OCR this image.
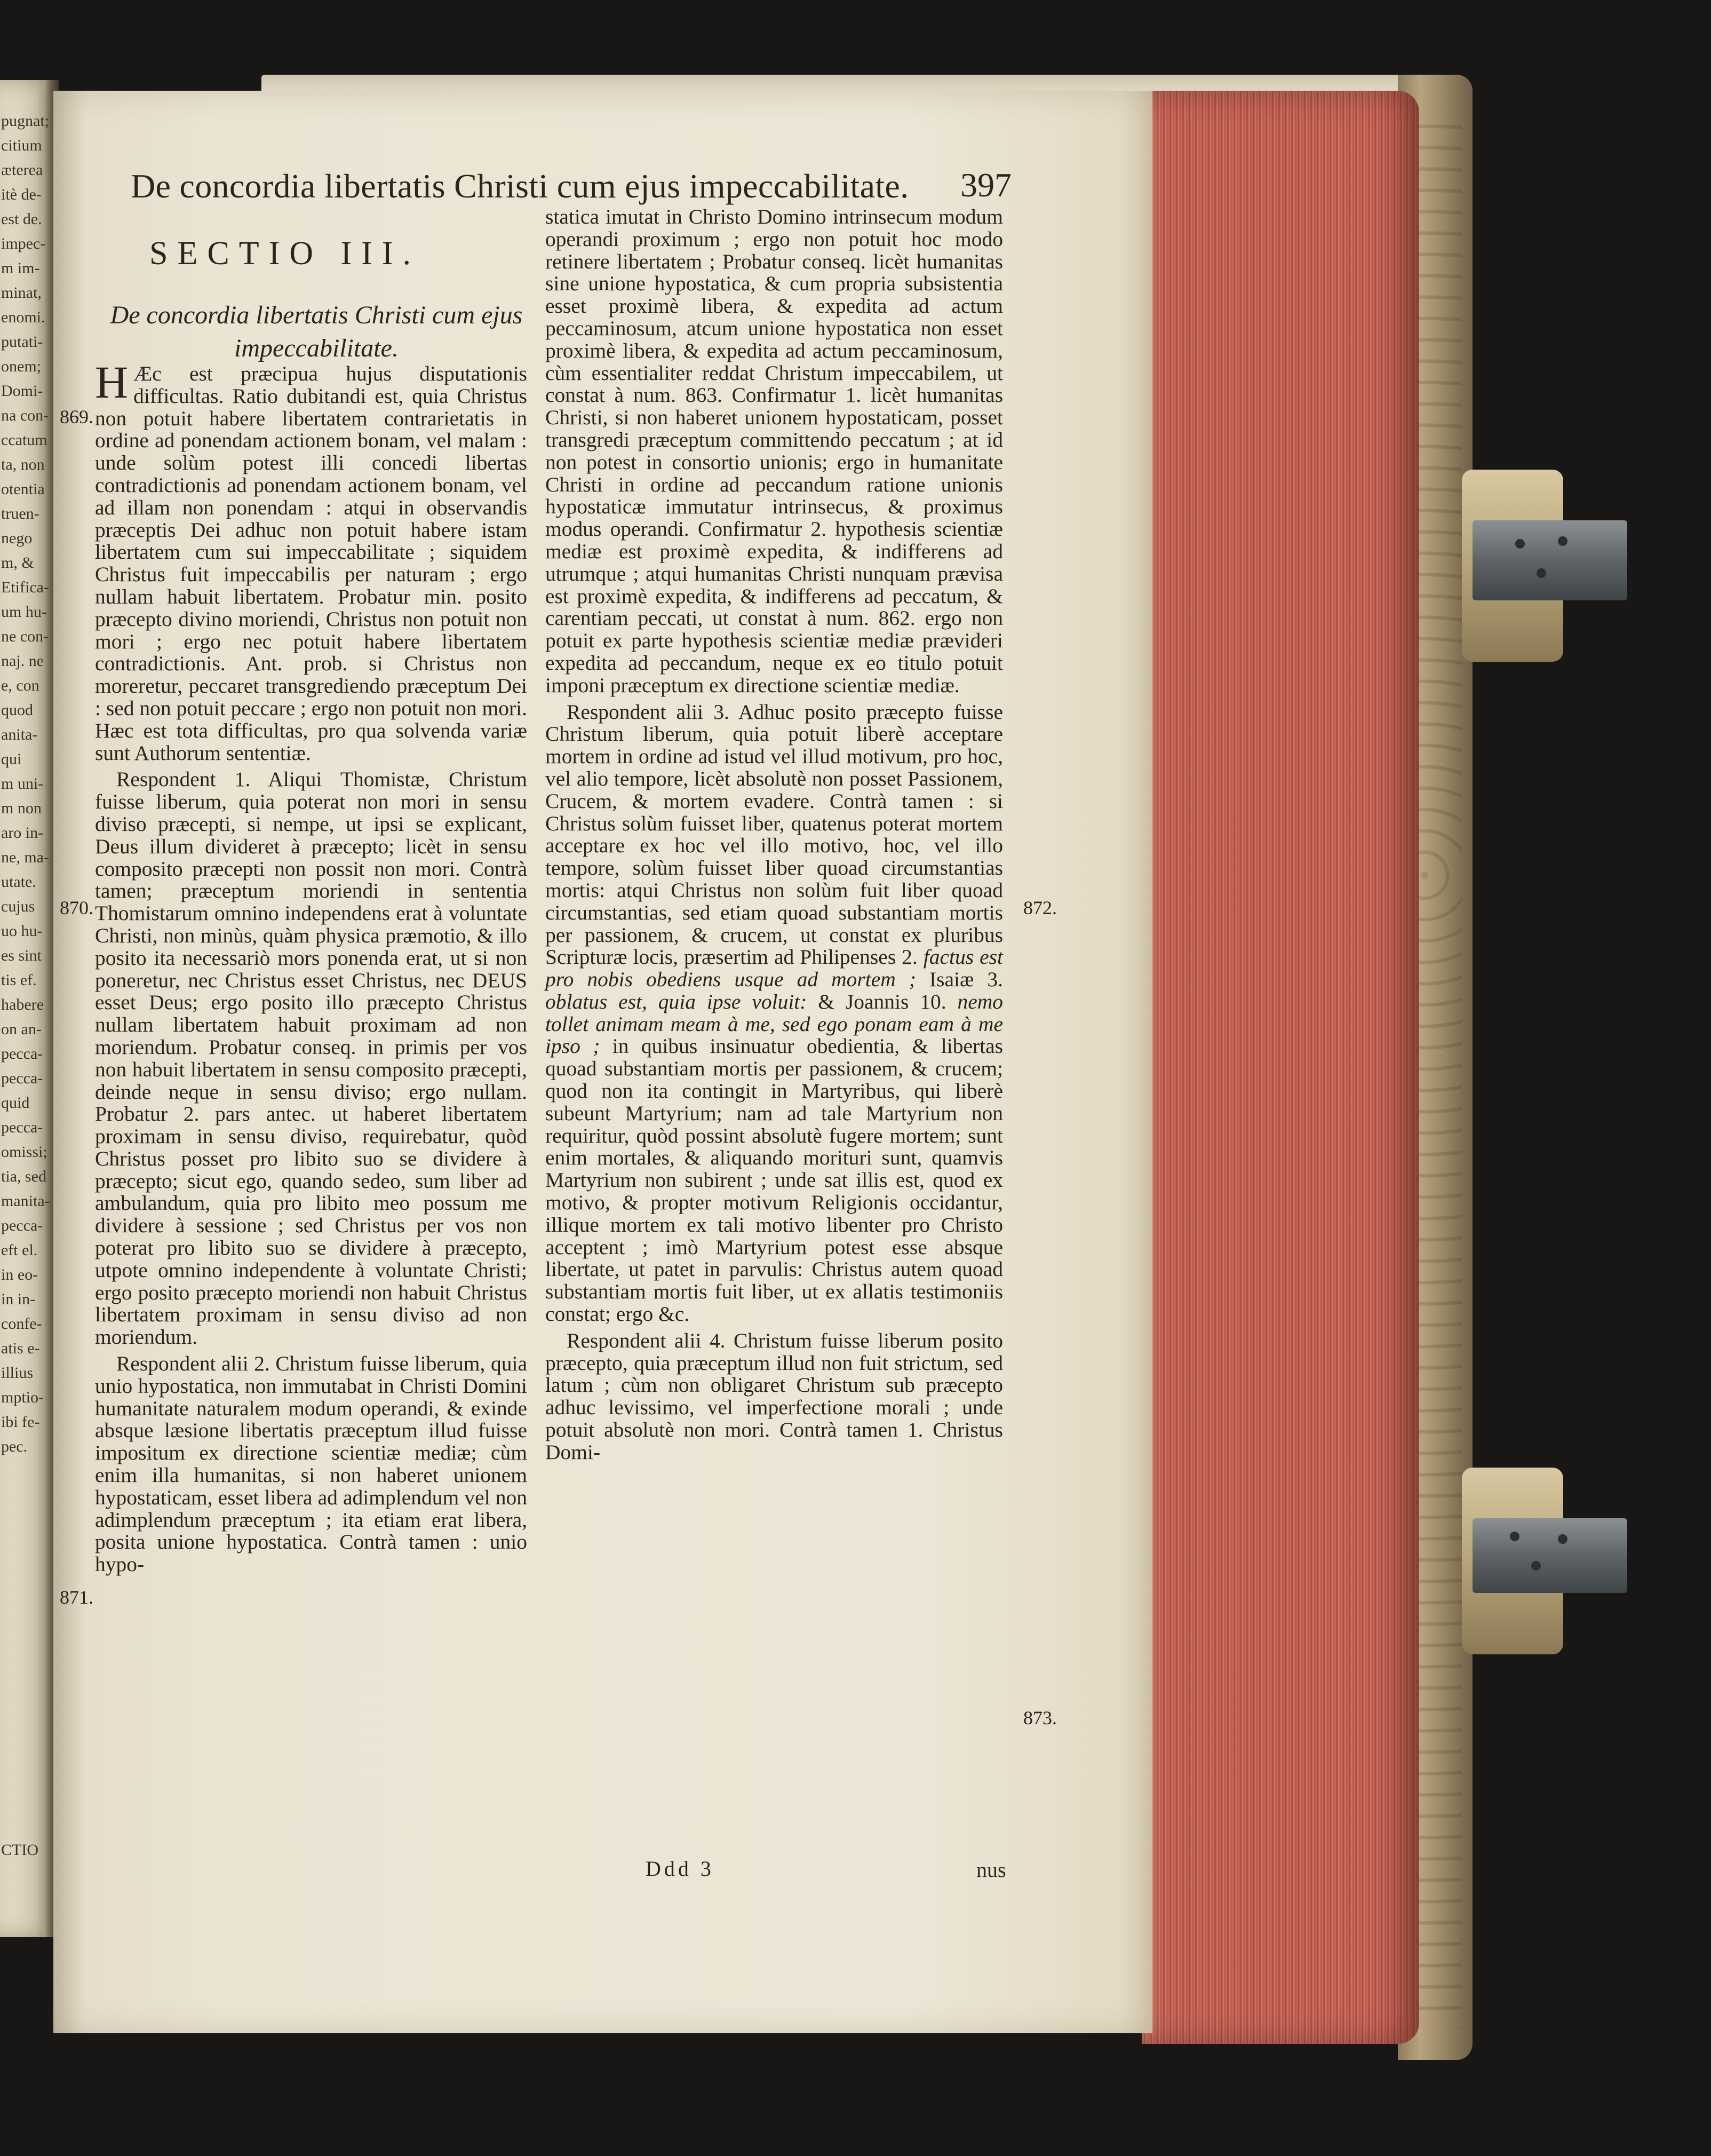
pugnat;
citium
æterea
itè de-
est de.
impec-
m im-
minat,
enomi.
putati-
onem;
Domi-
na con-
ccatum
ta, non
otentia
truen-
nego
m, &
Etifica-
um hu-
ne con-
naj. ne
e, con
quod
anita-
qui
m uni-
m non
aro in-
ne, ma-
utate.
cujus
uo hu-
es sint
tis ef.
habere
on an-
pecca-
pecca-
quid
pecca-
omissi;
tia, sed
manita-
pecca-
eft el.
in eo-
in in-
confe-
atis e-
illius
mptio-
ibi fe-
pec.
CTIO
De concordia libertatis Christi cum ejus impeccabilitate.	397
SECTIO III.
De concordia libertatis Christi cum ejus impeccabilitate.
869.
870.
871.
872.
873.

H Æc est præcipua hujus disputationis difficultas. Ratio dubitandi est, quia Christus non potuit habere libertatem contrarietatis in ordine ad ponendam actionem bonam, vel malam : unde solùm potest illi concedi libertas contradictionis ad ponendam actionem bonam, vel ad illam non ponendam : atqui in observandis præceptis Dei adhuc non potuit habere istam libertatem cum sui impeccabilitate ; siquidem Christus fuit impeccabilis per naturam ; ergo nullam habuit libertatem. Probatur min. posito præcepto divino moriendi, Christus non potuit non mori ; ergo nec potuit habere libertatem contradictionis. Ant. prob. si Christus non moreretur, peccaret transgrediendo præceptum Dei : sed non potuit peccare ; ergo non potuit non mori. Hæc est tota difficultas, pro qua solvenda variæ sunt Authorum sententiæ.

Respondent 1. Aliqui Thomistæ, Christum fuisse liberum, quia poterat non mori in sensu diviso præcepti, si nempe, ut ipsi se explicant, Deus illum divideret à præcepto; licèt in sensu composito præcepti non possit non mori. Contrà tamen; præceptum moriendi in sententia Thomistarum omnino independens erat à voluntate Christi, non minùs, quàm physica præmotio, & illo posito ita necessariò mors ponenda erat, ut si non poneretur, nec Christus esset Christus, nec DEUS esset Deus; ergo posito illo præcepto Christus nullam libertatem habuit proximam ad non moriendum. Probatur conseq. in primis per vos non habuit libertatem in sensu composito præcepti, deinde neque in sensu diviso; ergo nullam. Probatur 2. pars antec. ut haberet libertatem proximam in sensu diviso, requirebatur, quòd Christus posset pro libito suo se dividere à præcepto; sicut ego, quando sedeo, sum liber ad ambulandum, quia pro libito meo possum me dividere à sessione ; sed Christus per vos non poterat pro libito suo se dividere à præcepto, utpote omnino independente à voluntate Christi; ergo posito præcepto moriendi non habuit Christus libertatem proximam in sensu diviso ad non moriendum.

Respondent alii 2. Christum fuisse liberum, quia unio hypostatica, non immutabat in Christi Domini humanitate naturalem modum operandi, & exinde absque læsione libertatis præceptum illud fuisse impositum ex directione scientiæ mediæ; cùm enim illa humanitas, si non haberet unionem hypostaticam, esset libera ad adimplendum vel non adimplendum præceptum ; ita etiam erat libera, posita unione hypostatica. Contrà tamen : unio hypo-

statica imutat in Christo Domino intrinsecum modum operandi proximum ; ergo non potuit hoc modo retinere libertatem ; Probatur conseq. licèt humanitas sine unione hypostatica, & cum propria subsistentia esset proximè libera, & expedita ad actum peccaminosum, atcum unione hypostatica non esset proximè libera, & expedita ad actum peccaminosum, cùm essentialiter reddat Christum impeccabilem, ut constat à num. 863. Confirmatur 1. licèt humanitas Christi, si non haberet unionem hypostaticam, posset transgredi præceptum committendo peccatum ; at id non potest in consortio unionis; ergo in humanitate Christi in ordine ad peccandum ratione unionis hypostaticæ immutatur intrinsecus, & proximus modus operandi. Confirmatur 2. hypothesis scientiæ mediæ est proximè expedita, & indifferens ad utrumque ; atqui humanitas Christi nunquam prævisa est proximè expedita, & indifferens ad peccatum, & carentiam peccati, ut constat à num. 862. ergo non potuit ex parte hypothesis scientiæ mediæ prævideri expedita ad peccandum, neque ex eo titulo potuit imponi præceptum ex directione scientiæ mediæ.

Respondent alii 3. Adhuc posito præcepto fuisse Christum liberum, quia potuit liberè acceptare mortem in ordine ad istud vel illud motivum, pro hoc, vel alio tempore, licèt absolutè non posset Passionem, Crucem, & mortem evadere. Contrà tamen : si Christus solùm fuisset liber, quatenus poterat mortem acceptare ex hoc vel illo motivo, hoc, vel illo tempore, solùm fuisset liber quoad circumstantias mortis: atqui Christus non solùm fuit liber quoad circumstantias, sed etiam quoad substantiam mortis per passionem, & crucem, ut constat ex pluribus Scripturæ locis, præsertim ad Philipenses 2. factus est pro nobis obediens usque ad mortem ; Isaiæ 3. oblatus est, quia ipse voluit: & Joannis 10. nemo tollet animam meam à me, sed ego ponam eam à me ipso ; in quibus insinuatur obedientia, & libertas quoad substantiam mortis per passionem, & crucem; quod non ita contingit in Martyribus, qui liberè subeunt Martyrium; nam ad tale Martyrium non requiritur, quòd possint absolutè fugere mortem; sunt enim mortales, & aliquando morituri sunt, quamvis Martyrium non subirent ; unde sat illis est, quod ex motivo, & propter motivum Religionis occidantur, illique mortem ex tali motivo libenter pro Christo acceptent ; imò Martyrium potest esse absque libertate, ut patet in parvulis: Christus autem quoad substantiam mortis fuit liber, ut ex allatis testimoniis constat; ergo &c.

Respondent alii 4. Christum fuisse liberum posito præcepto, quia præceptum illud non fuit strictum, sed latum ; cùm non obligaret Christum sub præcepto adhuc levissimo, vel imperfectione morali ; unde potuit absolutè non mori. Contrà tamen 1. Christus Domi-

Ddd 3	nus
